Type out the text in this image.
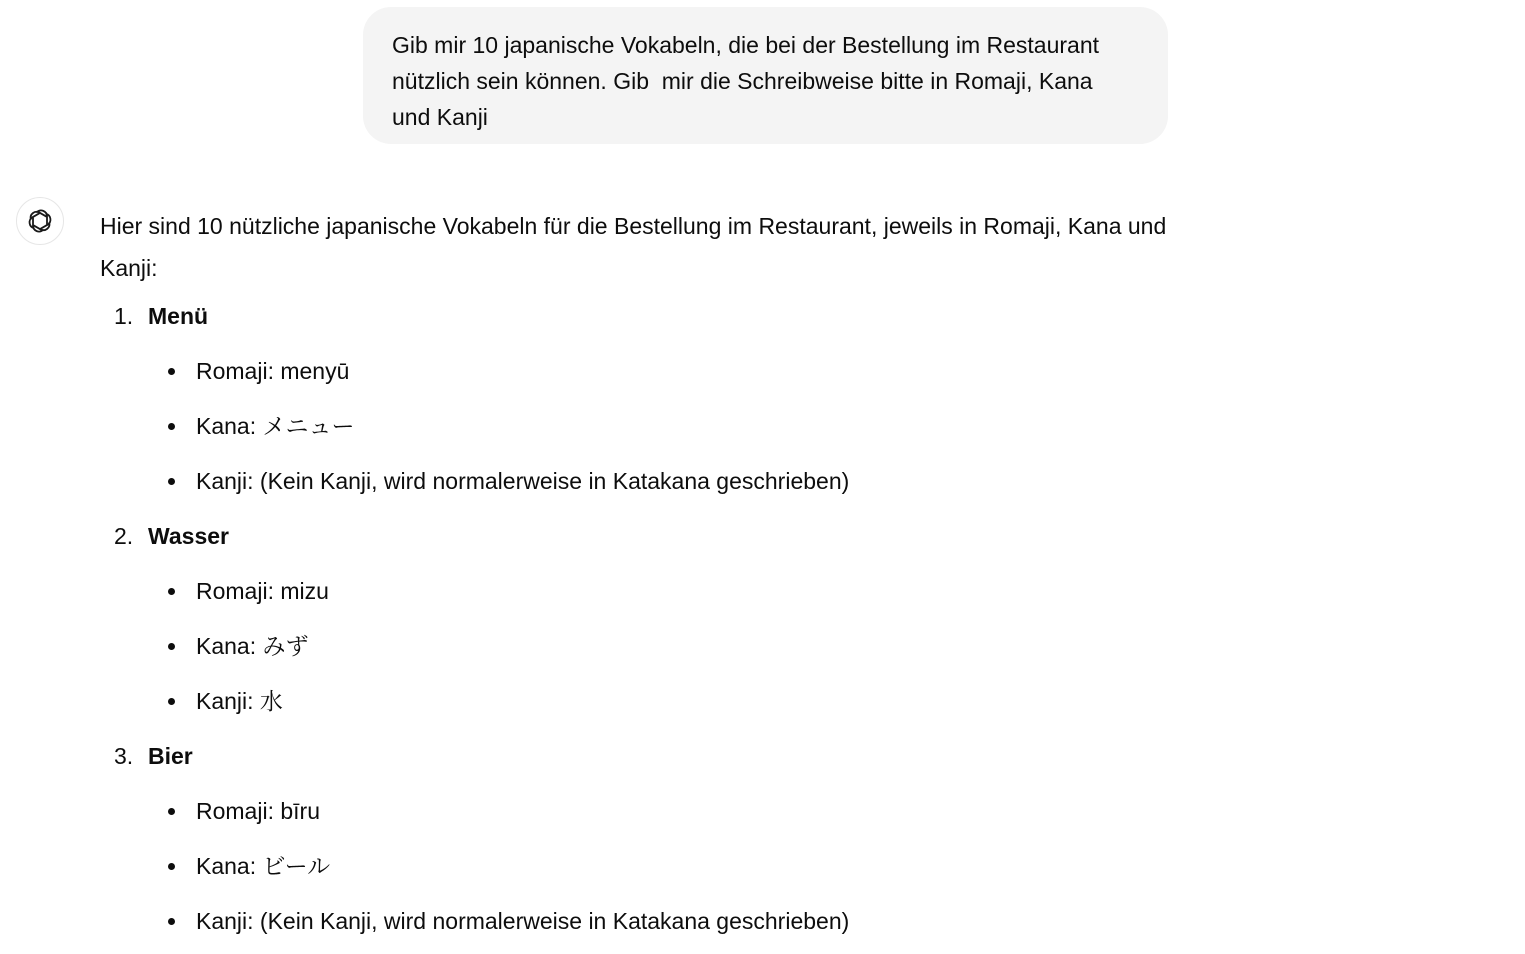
Gib mir 10 japanische Vokabeln, die bei der Bestellung im Restaurant nützlich sein können. Gib  mir die Schreibweise bitte in Romaji, Kana und Kanji

Hier sind 10 nützliche japanische Vokabeln für die Bestellung im Restaurant, jeweils in Romaji, Kana und Kanji:

1. Menü
Romaji: menyū
Kana: メニュー
Kanji: (Kein Kanji, wird normalerweise in Katakana geschrieben)
2. Wasser
Romaji: mizu
Kana: みず
Kanji: 水
3. Bier
Romaji: bīru
Kana: ビール
Kanji: (Kein Kanji, wird normalerweise in Katakana geschrieben)
